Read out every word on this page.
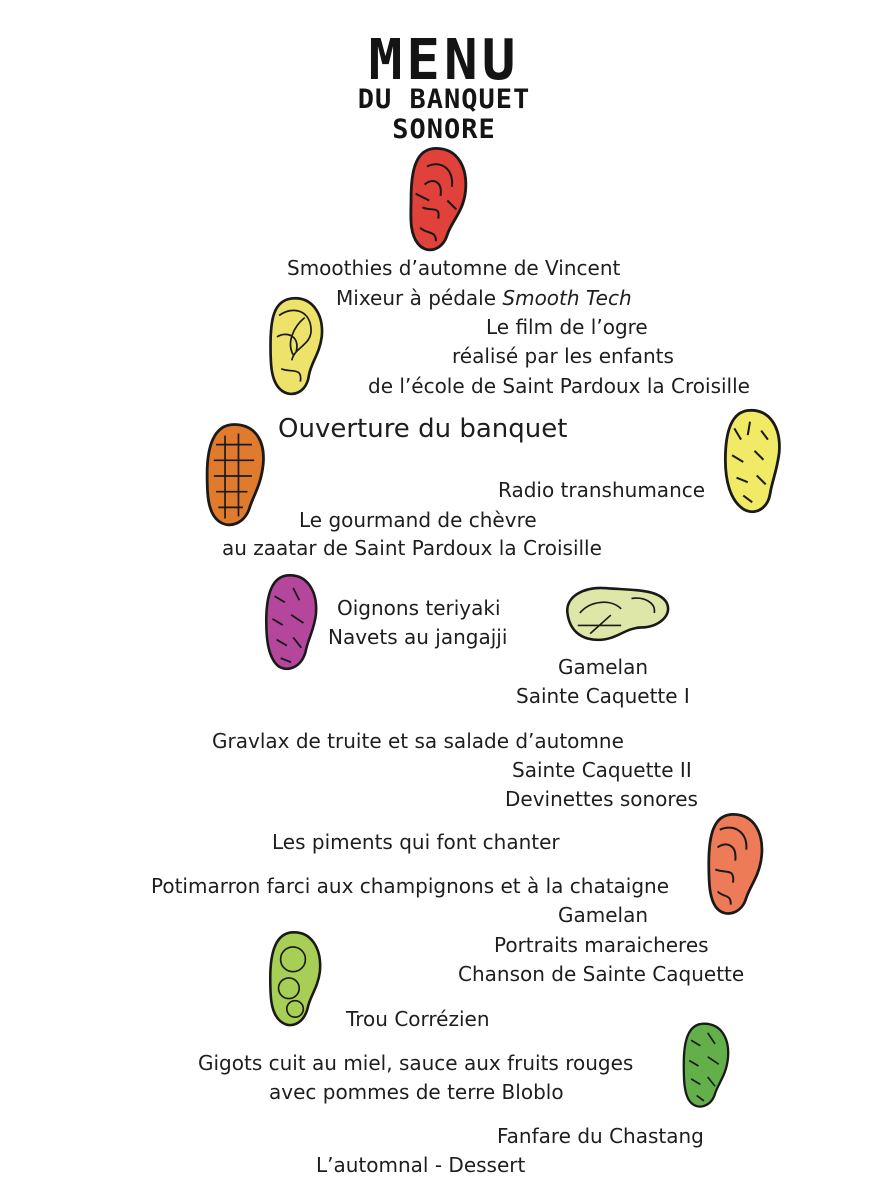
MENU
DU BANQUET
SONORE
Smoothies d’automne de Vincent
Mixeur à pédale Smooth Tech
Le film de l’ogre
réalisé par les enfants
de l’école de Saint Pardoux la Croisille
Ouverture du banquet
Radio transhumance
Le gourmand de chèvre
au zaatar de Saint Pardoux la Croisille
Oignons teriyaki
Navets au jangajji
Gamelan
Sainte Caquette I
Gravlax de truite et sa salade d’automne
Sainte Caquette II
Devinettes sonores
Les piments qui font chanter
Potimarron farci aux champignons et à la chataigne
Gamelan
Portraits maraicheres
Chanson de Sainte Caquette
Trou Corrézien
Gigots cuit au miel, sauce aux fruits rouges
avec pommes de terre Bloblo
Fanfare du Chastang
L’automnal - Dessert
